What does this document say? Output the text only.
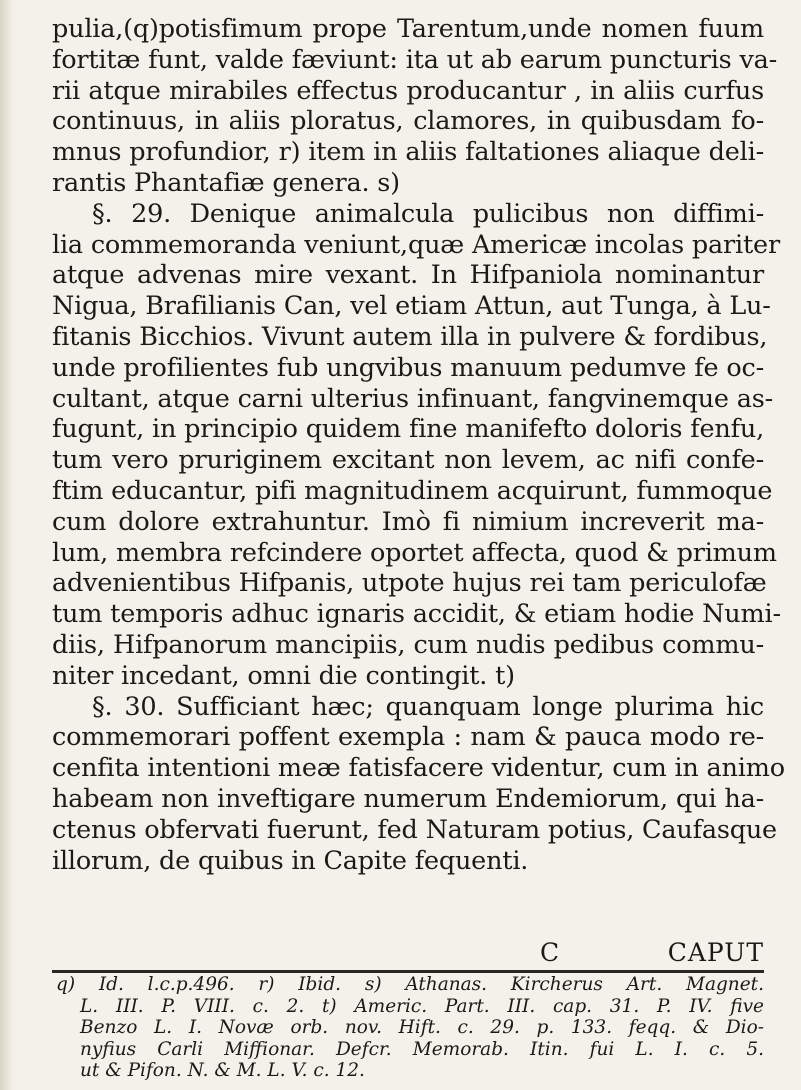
pulia,(q)potisfimum prope Tarentum,unde nomen fuum
fortitæ funt, valde fæviunt: ita ut ab earum puncturis va-
rii atque mirabiles effectus producantur , in aliis curfus
continuus, in aliis ploratus, clamores, in quibusdam fo-
mnus profundior, r) item in aliis faltationes aliaque deli-
rantis Phantafiæ genera. s)
§. 29. Denique animalcula pulicibus non diffimi-
lia commemoranda veniunt,quæ Americæ incolas pariter
atque advenas mire vexant. In Hifpaniola nominantur
Nigua, Brafilianis Can, vel etiam Attun, aut Tunga, à Lu-
fitanis Bicchios. Vivunt autem illa in pulvere & fordibus,
unde profilientes fub ungvibus manuum pedumve fe oc-
cultant, atque carni ulterius infinuant, fangvinemque as-
fugunt, in principio quidem fine manifefto doloris fenfu,
tum vero pruriginem excitant non levem, ac nifi confe-
ftim educantur, pifi magnitudinem acquirunt, fummoque
cum dolore extrahuntur. Imò fi nimium increverit ma-
lum, membra refcindere oportet affecta, quod & primum
advenientibus Hifpanis, utpote hujus rei tam periculofæ
tum temporis adhuc ignaris accidit, & etiam hodie Numi-
diis, Hifpanorum mancipiis, cum nudis pedibus commu-
niter incedant, omni die contingit. t)
§. 30. Sufficiant hæc; quanquam longe plurima hic
commemorari poffent exempla : nam & pauca modo re-
cenfita intentioni meæ fatisfacere videntur, cum in animo
habeam non inveftigare numerum Endemiorum, qui ha-
ctenus obfervati fuerunt, fed Naturam potius, Caufasque
illorum, de quibus in Capite fequenti.
C	CAPUT
q) Id. l.c.p.496. r) Ibid. s) Athanas. Kircherus Art. Magnet.
L. III. P. VIII. c. 2. t) Americ. Part. III. cap. 31. P. IV. five
Benzo L. I. Novæ orb. nov. Hift. c. 29. p. 133. feqq. & Dio-
nyfius Carli Miffionar. Defcr. Memorab. Itin. fui L. I. c. 5.
ut & Pifon. N. & M. L. V. c. 12.
